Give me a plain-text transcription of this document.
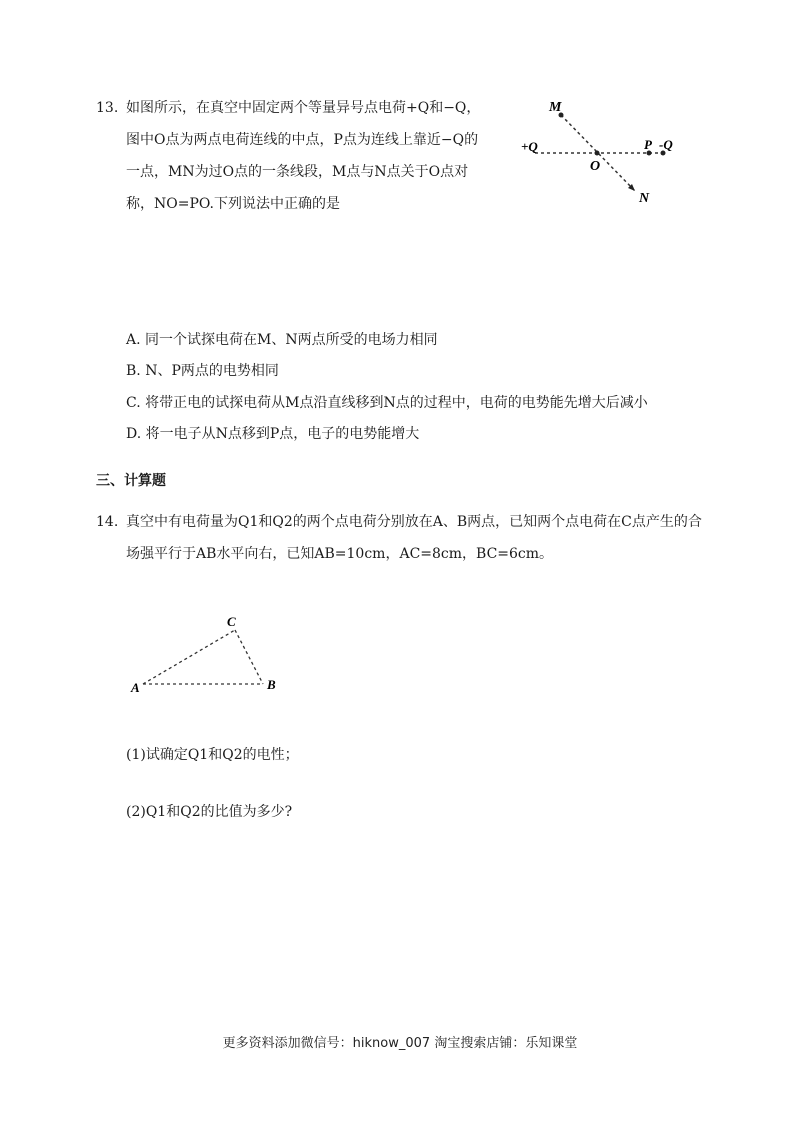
13. 如图所示，在真空中固定两个等量异号点电荷+Q和−Q，
图中O点为两点电荷连线的中点，P点为连线上靠近−Q的
一点，MN为过O点的一条线段，M点与N点关于O点对
称，NO=PO.下列说法中正确的是
M
+Q
O
P -Q
N
A. 同一个试探电荷在M、N两点所受的电场力相同
B. N、P两点的电势相同
C. 将带正电的试探电荷从M点沿直线移到N点的过程中，电荷的电势能先增大后减小
D. 将一电子从N点移到P点，电子的电势能增大
三、计算题
14. 真空中有电荷量为Q1和Q2的两个点电荷分别放在A、B两点，已知两个点电荷在C点产生的合
场强平行于AB水平向右，已知AB=10cm，AC=8cm，BC=6cm。
A	B
C
(1)试确定Q1和Q2的电性；
(2)Q1和Q2的比值为多少?
更多资料添加微信号：hiknow_007 淘宝搜索店铺：乐知课堂
